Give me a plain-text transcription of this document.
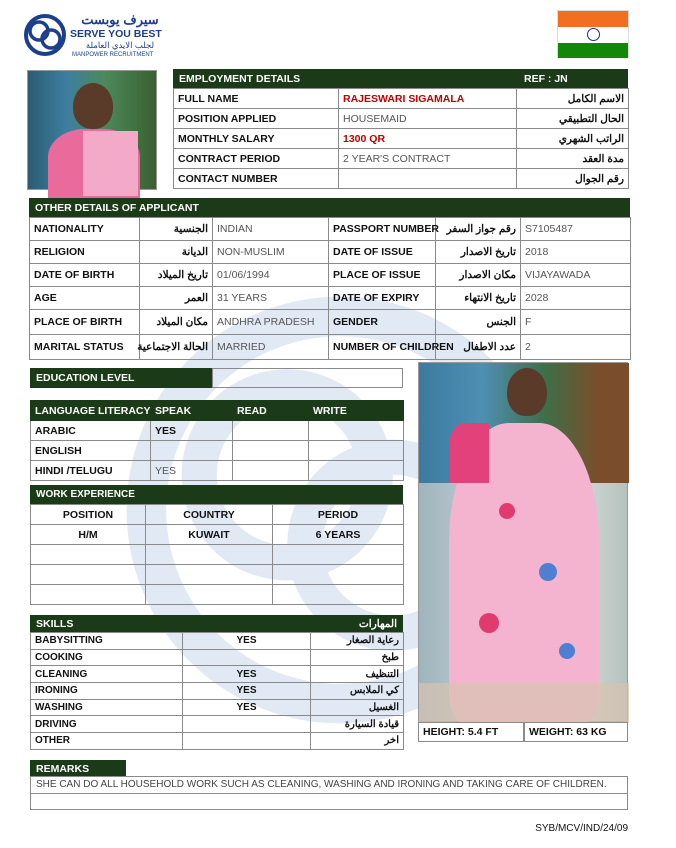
سيرف يوبست
SERVE YOU BEST
لجلب الايدي العاملة
MANPOWER RECRUITMENT
EMPLOYMENT DETAILS	REF : JN
FULL NAME	RAJESWARI SIGAMALA	الاسم الكامل
POSITION APPLIED	HOUSEMAID	الحال التطبيقي
MONTHLY SALARY	1300 QR	الراتب الشهري
CONTRACT PERIOD	2 YEAR'S CONTRACT	مدة العقد
CONTACT NUMBER		رقم الجوال
OTHER DETAILS OF APPLICANT
NATIONALITY	الجنسية	INDIAN	PASSPORT NUMBER	رقم جواز السفر	S7105487
RELIGION	الديانة	NON-MUSLIM	DATE OF ISSUE	تاريخ الاصدار	2018
DATE OF BIRTH	تاريخ الميلاد	01/06/1994	PLACE OF ISSUE	مكان الاصدار	VIJAYAWADA
AGE	العمر	31 YEARS	DATE OF EXPIRY	تاريخ الانتهاء	2028
PLACE OF BIRTH	مكان الميلاد	ANDHRA PRADESH	GENDER	الجنس	F
MARITAL STATUS	الحالة الاجتماعية	MARRIED	NUMBER OF CHILDREN	عدد الاطفال	2
EDUCATION LEVEL
LANGUAGE LITERACY	SPEAK	READ	WRITE
ARABIC	YES		
ENGLISH			
HINDI /TELUGU	YES		
WORK EXPERIENCE
POSITION	COUNTRY	PERIOD
H/M	KUWAIT	6 YEARS

SKILLS	المهارات
BABYSITTING	YES	رعاية الصغار
COOKING		طبخ
CLEANING	YES	التنظيف
IRONING	YES	كي الملابس
WASHING	YES	الغسيل
DRIVING		قيادة السيارة
OTHER		اخر
HEIGHT: 5.4 FT	WEIGHT: 63 KG
REMARKS
SHE CAN DO ALL HOUSEHOLD WORK SUCH AS CLEANING, WASHING AND IRONING AND TAKING CARE OF CHILDREN.
SYB/MCV/IND/24/09
